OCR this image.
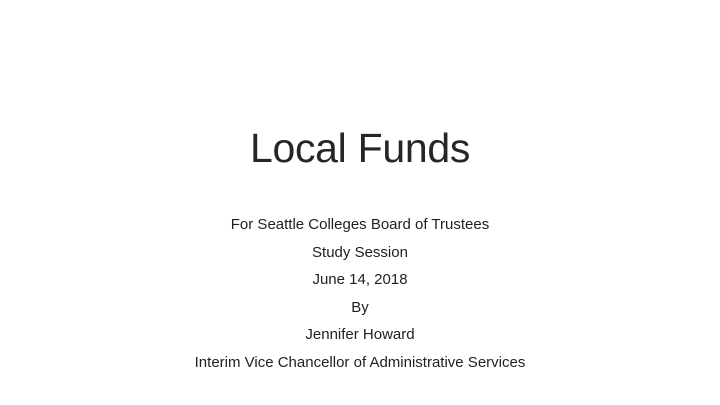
Local Funds
For Seattle Colleges Board of Trustees
Study Session
June 14, 2018
By
Jennifer Howard
Interim Vice Chancellor of Administrative Services
